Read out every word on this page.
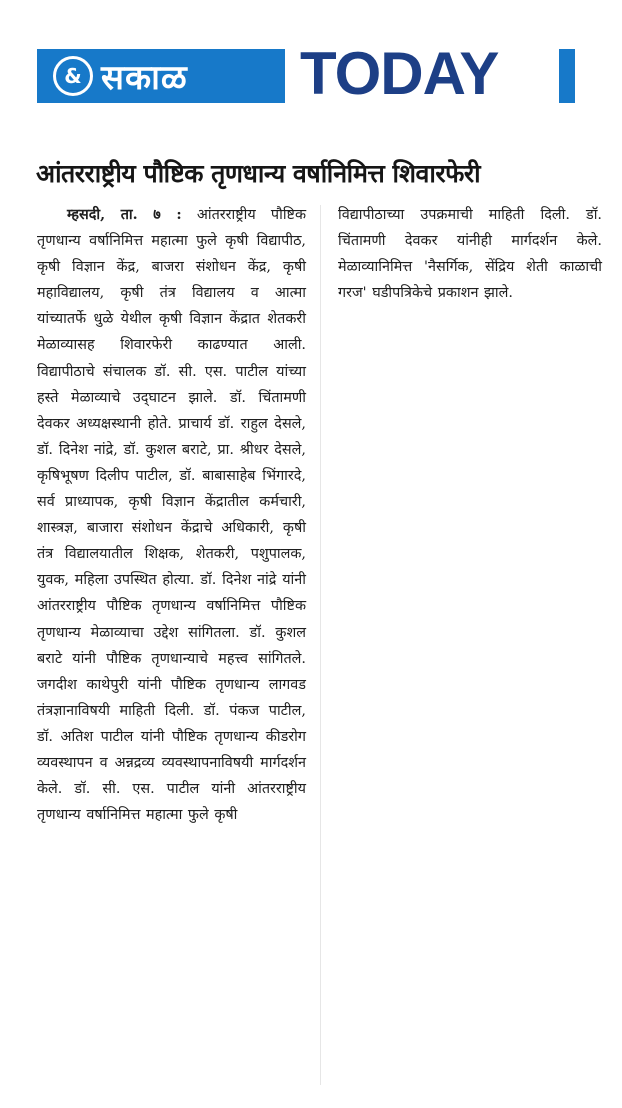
& सकाळ TODAY
आंतरराष्ट्रीय पौष्टिक तृणधान्य वर्षानिमित्त शिवारफेरी
म्हसदी, ता. ७ : आंतरराष्ट्रीय पौष्टिक तृणधान्य वर्षानिमित्त महात्मा फुले कृषी विद्यापीठ, कृषी विज्ञान केंद्र, बाजरा संशोधन केंद्र, कृषी महाविद्यालय, कृषी तंत्र विद्यालय व आत्मा यांच्यातर्फे धुळे येथील कृषी विज्ञान केंद्रात शेतकरी मेळाव्यासह शिवारफेरी काढण्यात आली. विद्यापीठाचे संचालक डॉ. सी. एस. पाटील यांच्या हस्ते मेळाव्याचे उद्‍घाटन झाले. डॉ. चिंतामणी देवकर अध्यक्षस्थानी होते. प्राचार्य डॉ. राहुल देसले, डॉ. दिनेश नांद्रे, डॉ. कुशल बराटे, प्रा. श्रीधर देसले, कृषिभूषण दिलीप पाटील, डॉ. बाबासाहेब भिंगारदे, सर्व प्राध्यापक, कृषी विज्ञान केंद्रातील कर्मचारी, शास्त्रज्ञ, बाजारा संशोधन केंद्राचे अधिकारी, कृषी तंत्र विद्यालयातील शिक्षक, शेतकरी, पशुपालक, युवक, महिला उपस्थित होत्या. डॉ. दिनेश नांद्रे यांनी आंतरराष्ट्रीय पौष्टिक तृणधान्य वर्षानिमित्त पौष्टिक तृणधान्य मेळाव्याचा उद्देश सांगितला. डॉ. कुशल बराटे यांनी पौष्टिक तृणधान्याचे महत्त्व सांगितले. जगदीश काथेपुरी यांनी पौष्टिक तृणधान्य लागवड तंत्रज्ञानाविषयी माहिती दिली. डॉ. पंकज पाटील, डॉ. अतिश पाटील यांनी पौष्टिक तृणधान्य कीडरोग व्यवस्थापन व अन्नद्रव्य व्यवस्थापनाविषयी मार्गदर्शन केले. डॉ. सी. एस. पाटील यांनी आंतरराष्ट्रीय तृणधान्य वर्षानिमित्त महात्मा फुले कृषी
विद्यापीठाच्या उपक्रमाची माहिती दिली. डॉ. चिंतामणी देवकर यांनीही मार्गदर्शन केले. मेळाव्यानिमित्त 'नैसर्गिक, सेंद्रिय शेती काळाची गरज' घडीपत्रिकेचे प्रकाशन झाले.
